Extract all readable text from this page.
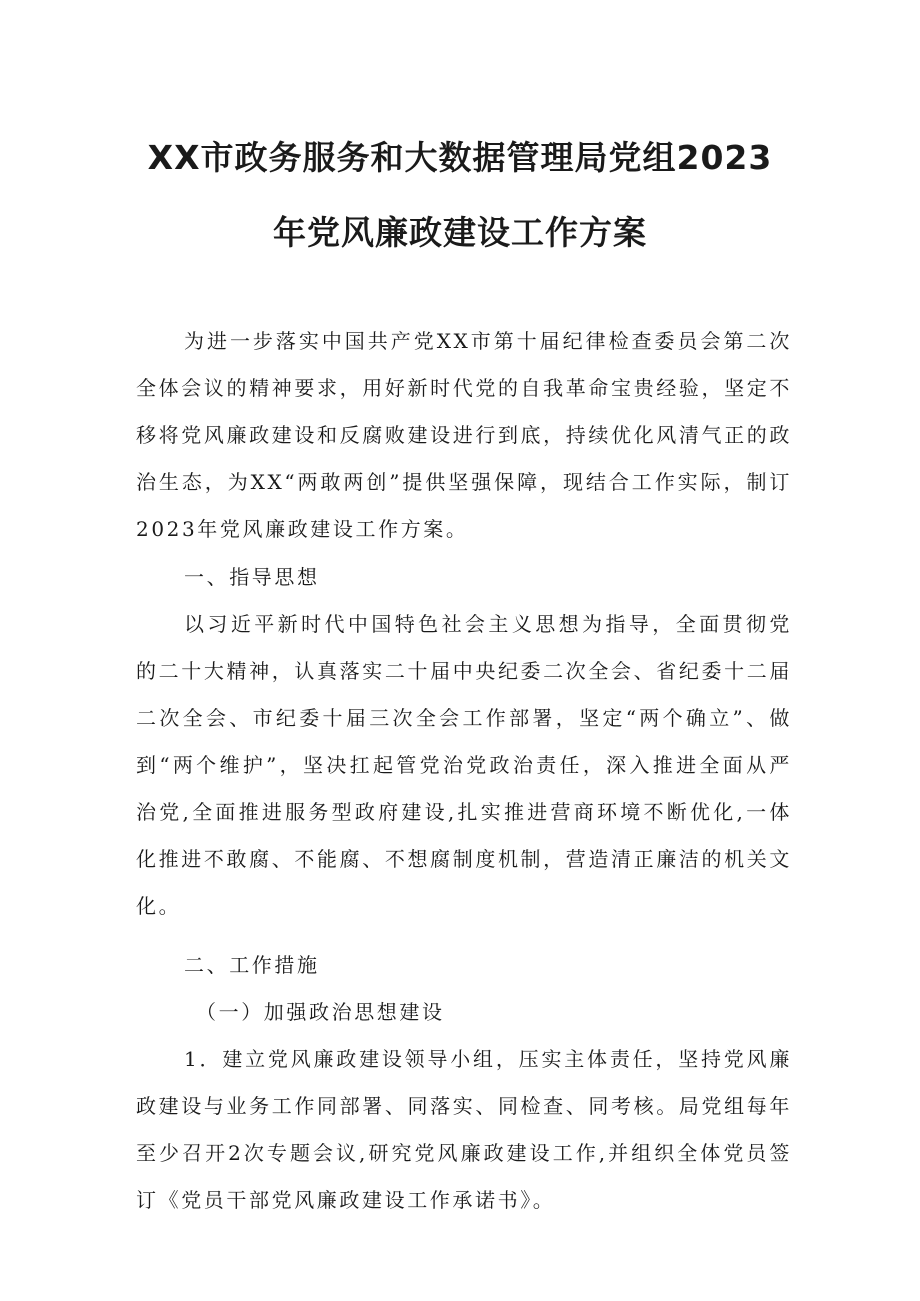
XX市政务服务和大数据管理局党组2023
年党风廉政建设工作方案

为进一步落实中国共产党XX市第十届纪律检查委员会第二次全体会议的精神要求，用好新时代党的自我革命宝贵经验，坚定不移将党风廉政建设和反腐败建设进行到底，持续优化风清气正的政治生态，为XX“两敢两创”提供坚强保障，现结合工作实际，制订2023年党风廉政建设工作方案。

一、指导思想

以习近平新时代中国特色社会主义思想为指导，全面贯彻党的二十大精神，认真落实二十届中央纪委二次全会、省纪委十二届二次全会、市纪委十届三次全会工作部署，坚定“两个确立”、做到“两个维护”，坚决扛起管党治党政治责任，深入推进全面从严治党,全面推进服务型政府建设,扎实推进营商环境不断优化,一体化推进不敢腐、不能腐、不想腐制度机制，营造清正廉洁的机关文化。

二、工作措施

（一）加强政治思想建设

1．建立党风廉政建设领导小组，压实主体责任，坚持党风廉政建设与业务工作同部署、同落实、同检查、同考核。局党组每年至少召开2次专题会议,研究党风廉政建设工作,并组织全体党员签订《党员干部党风廉政建设工作承诺书》。
